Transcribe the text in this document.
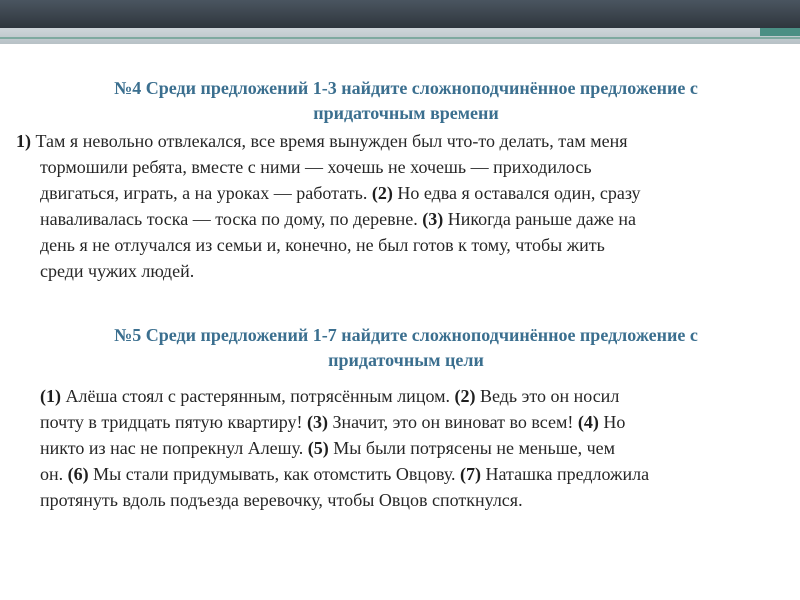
№4 Среди предложений 1-3 найдите сложноподчинённое предложение с
придаточным времени
1) Там я невольно отвлекался, все время вынужден был что-то делать, там меня
тормошили ребята, вместе с ними — хочешь не хочешь — приходилось
двигаться, играть, а на уроках — работать. (2) Но едва я оставался один, сразу
наваливалась тоска — тоска по дому, по деревне. (3) Никогда раньше даже на
день я не отлучался из семьи и, конечно, не был готов к тому, чтобы жить
среди чужих людей.
№5 Среди предложений 1-7 найдите сложноподчинённое предложение с
придаточным цели
(1) Алёша стоял с растерянным, потрясённым лицом. (2) Ведь это он носил
почту в тридцать пятую квартиру! (3) Значит, это он виноват во всем! (4) Но
никто из нас не попрекнул Алешу. (5) Мы были потрясены не меньше, чем
он. (6) Мы стали придумывать, как отомстить Овцову. (7) Наташка предложила
протянуть вдоль подъезда веревочку, чтобы Овцов споткнулся.
